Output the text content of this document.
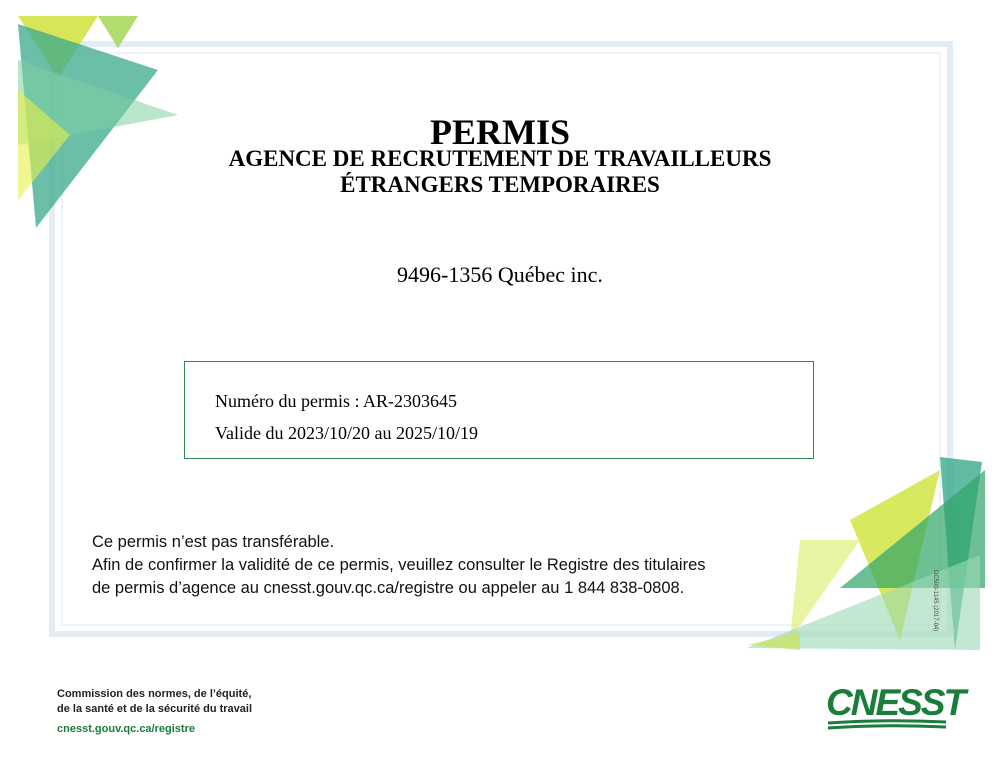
PERMIS
AGENCE DE RECRUTEMENT DE TRAVAILLEURS
ÉTRANGERS TEMPORAIRES
9496-1356 Québec inc.
Numéro du permis : AR-2303645
Valide du 2023/10/20 au 2025/10/19
Ce permis n’est pas transférable.
Afin de confirmer la validité de ce permis, veuillez consulter le Registre des titulaires
de permis d’agence au cnesst.gouv.qc.ca/registre ou appeler au 1 844 838-0808.	DC500-1145 (2017-04)
Commission des normes, de l’équité,
de la santé et de la sécurité du travail
cnesst.gouv.qc.ca/registre
CNESST
